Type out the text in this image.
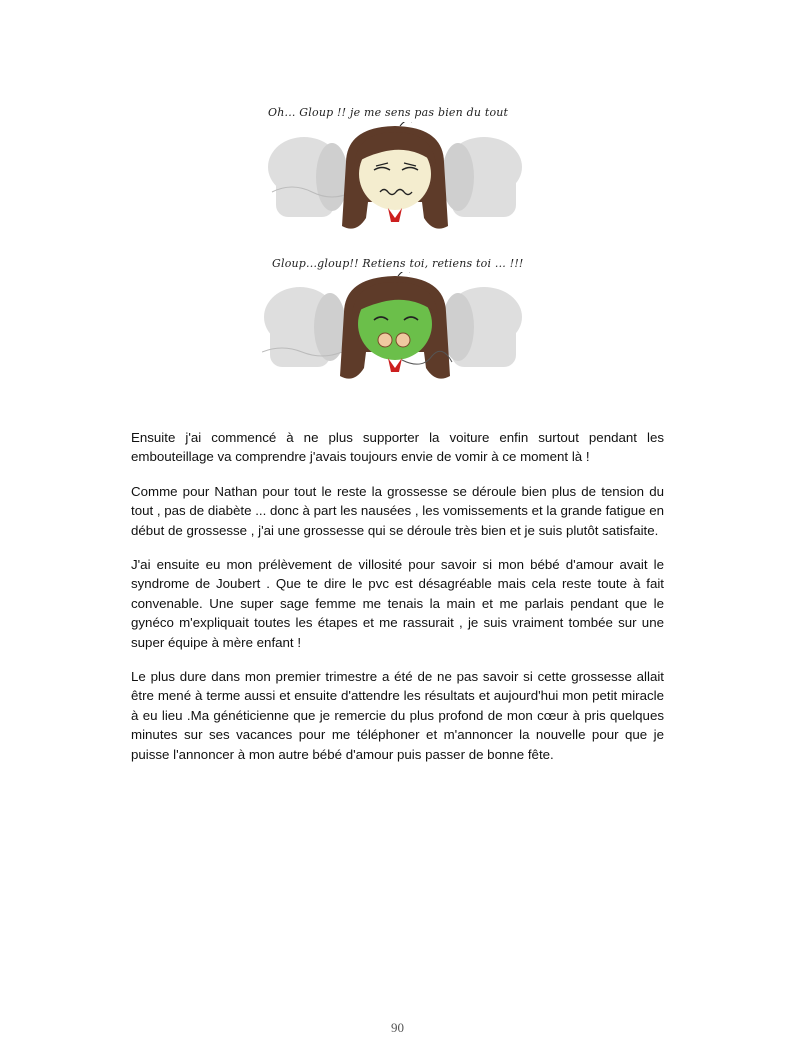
Oh... Gloup !! je me sens pas bien du tout
Gloup...gloup!! Retiens toi, retiens toi ... !!!

Ensuite j'ai commencé à ne plus supporter la voiture enfin surtout pendant les embouteillage va comprendre j'avais toujours envie de vomir à ce moment là !

Comme pour Nathan pour tout le reste la grossesse se déroule bien plus de tension du tout , pas de diabète ... donc à part les nausées , les vomissements et la grande fatigue en début de grossesse , j'ai une grossesse qui se déroule très bien et je suis plutôt satisfaite.

J'ai ensuite eu mon prélèvement de villosité pour savoir si mon bébé d'amour avait le syndrome de Joubert . Que te dire le pvc est désagréable mais cela reste toute à fait convenable. Une super sage femme me tenais la main et me parlais pendant que le gynéco m'expliquait toutes les étapes et me rassurait , je suis vraiment tombée sur une super équipe à mère enfant !

Le plus dure dans mon premier trimestre a été de ne pas savoir si cette grossesse allait être mené à terme aussi et ensuite d'attendre les résultats et aujourd'hui mon petit miracle à eu lieu .Ma généticienne que je remercie du plus profond de mon cœur à pris quelques minutes sur ses vacances pour me téléphoner et m'annoncer la nouvelle pour que je puisse l'annoncer à mon autre bébé d'amour puis passer de bonne fête.

90
